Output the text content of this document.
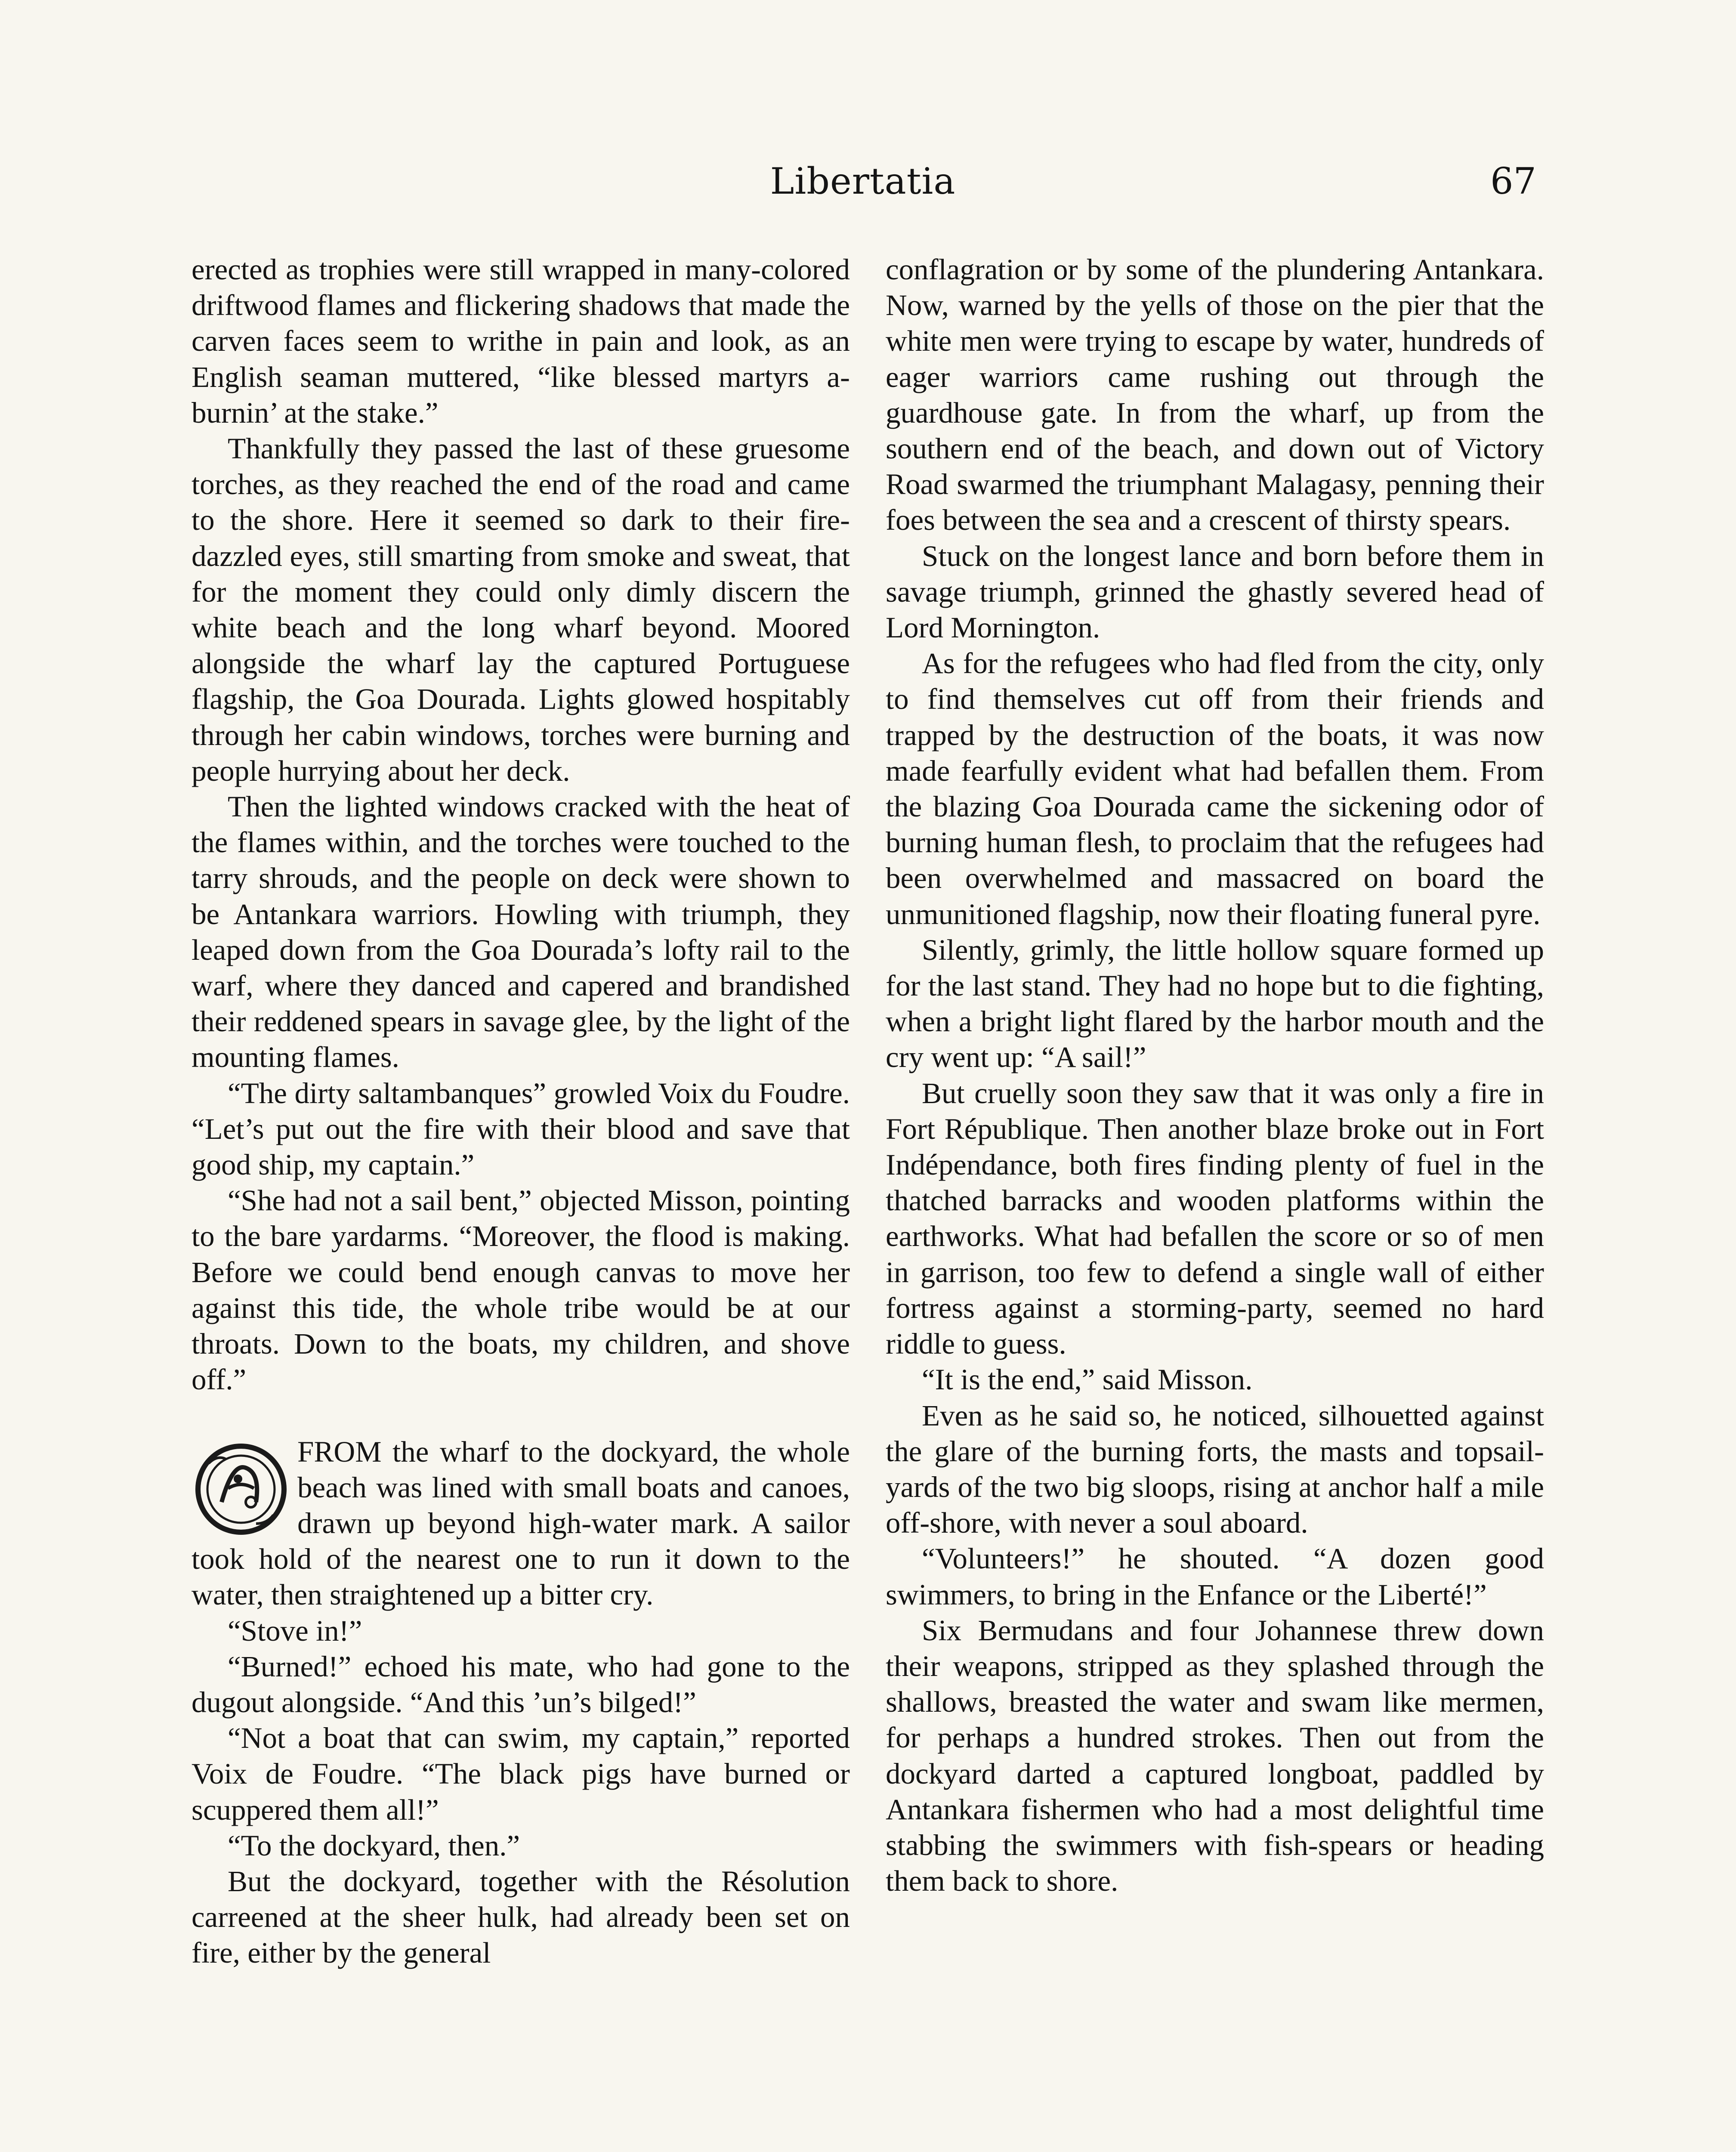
Libertatia	67

erected as trophies were still wrapped in many-colored driftwood flames and flickering shadows that made the carven faces seem to writhe in pain and look, as an English seaman muttered, “like blessed martyrs a-burnin’ at the stake.”

Thankfully they passed the last of these gruesome torches, as they reached the end of the road and came to the shore. Here it seemed so dark to their fire-dazzled eyes, still smarting from smoke and sweat, that for the moment they could only dimly discern the white beach and the long wharf beyond. Moored alongside the wharf lay the captured Portuguese flagship, the Goa Dourada. Lights glowed hospitably through her cabin windows, torches were burning and people hurrying about her deck.

Then the lighted windows cracked with the heat of the flames within, and the torches were touched to the tarry shrouds, and the people on deck were shown to be Antankara warriors. Howling with triumph, they leaped down from the Goa Dourada’s lofty rail to the warf, where they danced and capered and brandished their reddened spears in savage glee, by the light of the mounting flames.

“The dirty saltambanques” growled Voix du Foudre. “Let’s put out the fire with their blood and save that good ship, my captain.”

“She had not a sail bent,” objected Misson, pointing to the bare yardarms. “Moreover, the flood is making. Before we could bend enough canvas to move her against this tide, the whole tribe would be at our throats. Down to the boats, my children, and shove off.”

FROM the wharf to the dockyard, the whole beach was lined with small boats and canoes, drawn up beyond high-water mark. A sailor took hold of the nearest one to run it down to the water, then straightened up a bitter cry.

“Stove in!”

“Burned!” echoed his mate, who had gone to the dugout alongside. “And this ’un’s bilged!”

“Not a boat that can swim, my captain,” reported Voix de Foudre. “The black pigs have burned or scuppered them all!”

“To the dockyard, then.”

But the dockyard, together with the Résolution carreened at the sheer hulk, had already been set on fire, either by the general

conflagration or by some of the plundering Antankara. Now, warned by the yells of those on the pier that the white men were trying to escape by water, hundreds of eager warriors came rushing out through the guardhouse gate. In from the wharf, up from the southern end of the beach, and down out of Victory Road swarmed the triumphant Malagasy, penning their foes between the sea and a crescent of thirsty spears.

Stuck on the longest lance and born before them in savage triumph, grinned the ghastly severed head of Lord Mornington.

As for the refugees who had fled from the city, only to find themselves cut off from their friends and trapped by the destruction of the boats, it was now made fearfully evident what had befallen them. From the blazing Goa Dourada came the sickening odor of burning human flesh, to proclaim that the refugees had been overwhelmed and massacred on board the unmunitioned flagship, now their floating funeral pyre.

Silently, grimly, the little hollow square formed up for the last stand. They had no hope but to die fighting, when a bright light flared by the harbor mouth and the cry went up: “A sail!”

But cruelly soon they saw that it was only a fire in Fort République. Then another blaze broke out in Fort Indépendance, both fires finding plenty of fuel in the thatched barracks and wooden platforms within the earthworks. What had befallen the score or so of men in garrison, too few to defend a single wall of either fortress against a storming-party, seemed no hard riddle to guess.

“It is the end,” said Misson.

Even as he said so, he noticed, silhouetted against the glare of the burning forts, the masts and topsail-yards of the two big sloops, rising at anchor half a mile off-shore, with never a soul aboard.

“Volunteers!” he shouted. “A dozen good swimmers, to bring in the Enfance or the Liberté!”

Six Bermudans and four Johannese threw down their weapons, stripped as they splashed through the shallows, breasted the water and swam like mermen, for perhaps a hundred strokes. Then out from the dockyard darted a captured longboat, paddled by Antankara fishermen who had a most delightful time stabbing the swimmers with fish-spears or heading them back to shore.
